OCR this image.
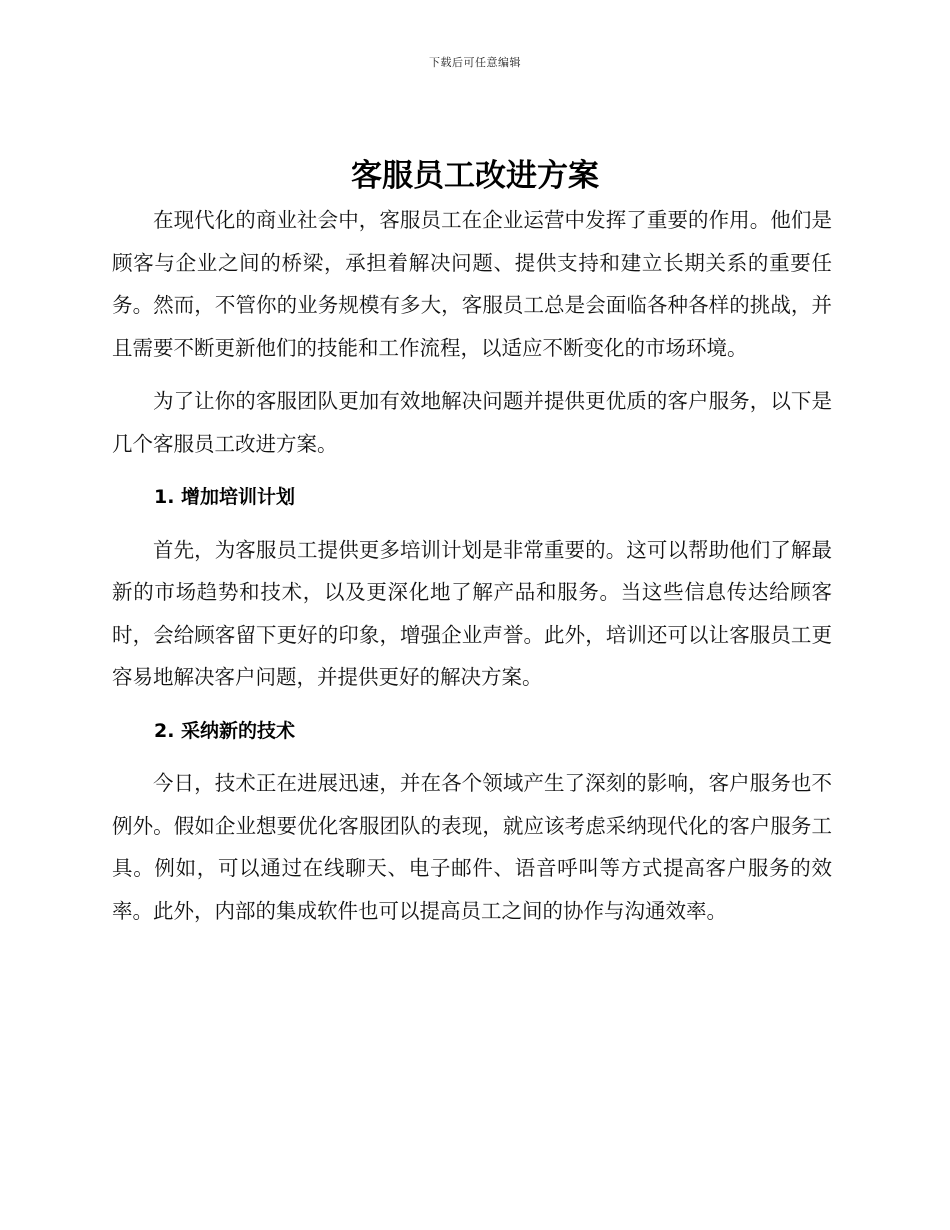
下载后可任意编辑
客服员工改进方案

在现代化的商业社会中，客服员工在企业运营中发挥了重要的作用。他们是顾客与企业之间的桥梁，承担着解决问题、提供支持和建立长期关系的重要任务。然而，不管你的业务规模有多大，客服员工总是会面临各种各样的挑战，并且需要不断更新他们的技能和工作流程，以适应不断变化的市场环境。

为了让你的客服团队更加有效地解决问题并提供更优质的客户服务，以下是几个客服员工改进方案。

1. 增加培训计划

首先，为客服员工提供更多培训计划是非常重要的。这可以帮助他们了解最新的市场趋势和技术，以及更深化地了解产品和服务。当这些信息传达给顾客时，会给顾客留下更好的印象，增强企业声誉。此外，培训还可以让客服员工更容易地解决客户问题，并提供更好的解决方案。

2. 采纳新的技术

今日，技术正在进展迅速，并在各个领域产生了深刻的影响，客户服务也不例外。假如企业想要优化客服团队的表现，就应该考虑采纳现代化的客户服务工具。例如，可以通过在线聊天、电子邮件、语音呼叫等方式提高客户服务的效率。此外，内部的集成软件也可以提高员工之间的协作与沟通效率。
